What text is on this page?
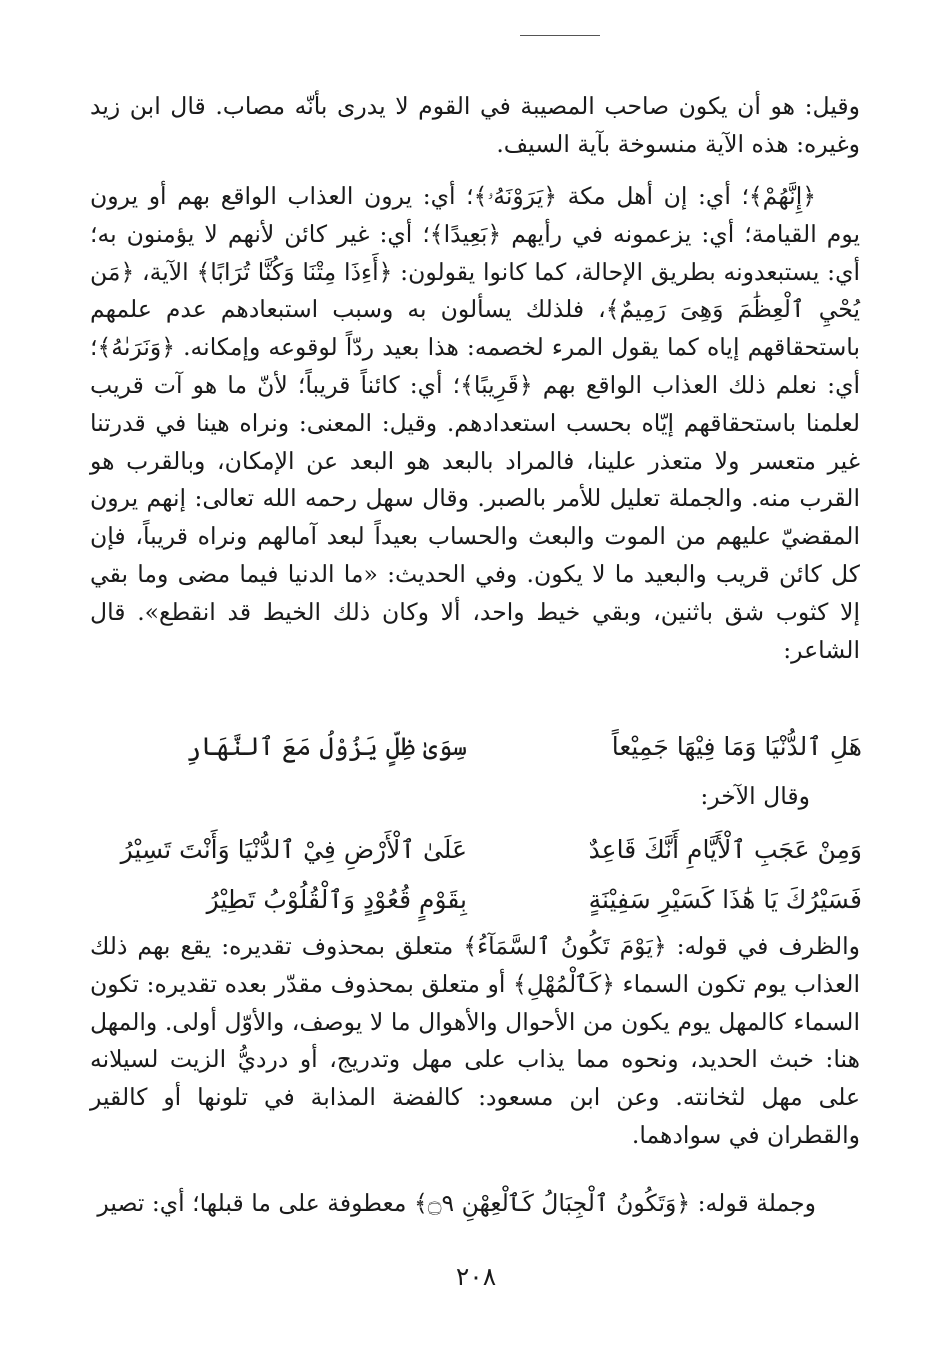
وقيل: هو أن يكون صاحب المصيبة في القوم لا يدرى بأنّه مصاب. قال ابن زيد وغيره: هذه الآية منسوخة بآية السيف.

﴿إِنَّهُمْ﴾؛ أي: إن أهل مكة ﴿يَرَوْنَهُۥ﴾؛ أي: يرون العذاب الواقع بهم أو يرون يوم القيامة؛ أي: يزعمونه في رأيهم ﴿بَعِيدًا﴾؛ أي: غير كائن لأنهم لا يؤمنون به؛ أي: يستبعدونه بطريق الإحالة، كما كانوا يقولون: ﴿أَءِذَا مِتْنَا وَكُنَّا تُرَابًا﴾ الآية، ﴿مَن يُحْيِ ٱلْعِظَٰمَ وَهِىَ رَمِيمٌ﴾، فلذلك يسألون به وسبب استبعادهم عدم علمهم باستحقاقهم إياه كما يقول المرء لخصمه: هذا بعيد ردّاً لوقوعه وإمكانه. ﴿وَنَرَىٰهُ﴾؛ أي: نعلم ذلك العذاب الواقع بهم ﴿قَرِيبًا﴾؛ أي: كائناً قريباً؛ لأنّ ما هو آت قريب لعلمنا باستحقاقهم إيّاه بحسب استعدادهم. وقيل: المعنى: ونراه هينا في قدرتنا غير متعسر ولا متعذر علينا، فالمراد بالبعد هو البعد عن الإمكان، وبالقرب هو القرب منه. والجملة تعليل للأمر بالصبر. وقال سهل رحمه الله تعالى: إنهم يرون المقضيّ عليهم من الموت والبعث والحساب بعيداً لبعد آمالهم ونراه قريباً، فإن كل كائن قريب والبعيد ما لا يكون. وفي الحديث: «ما الدنيا فيما مضى وما بقي إلا كثوب شق باثنين، وبقي خيط واحد، ألا وكان ذلك الخيط قد انقطع». قال الشاعر:

هَلِ ٱلدُّنْيَا وَمَا فِيْهَا جَمِيْعاً
سِوَىٰ ظِلٍّ يَزُوْلُ مَعَ ٱلنَّهَارِ
وقال الآخر:
وَمِنْ عَجَبِ ٱلْأَيَّامِ أَنَّكَ قَاعِدٌ
عَلَىٰ ٱلْأَرْضِ فِيْ ٱلدُّنْيَا وَأَنْتَ تَسِيْرُ
فَسَيْرُكَ يَا هَٰذَا كَسَيْرِ سَفِيْنَةٍ
بِقَوْمٍ قُعُوْدٍ وَٱلْقُلُوْبُ تَطِيْرُ

والظرف في قوله: ﴿يَوْمَ تَكُونُ ٱلسَّمَآءُ﴾ متعلق بمحذوف تقديره: يقع بهم ذلك العذاب يوم تكون السماء ﴿كَٱلْمُهْلِ﴾ أو متعلق بمحذوف مقدّر بعده تقديره: تكون السماء كالمهل يوم يكون من الأحوال والأهوال ما لا يوصف، والأوّل أولى. والمهل هنا: خبث الحديد، ونحوه مما يذاب على مهل وتدريج، أو درديُّ الزيت لسيلانه على مهل لثخانته. وعن ابن مسعود: كالفضة المذابة في تلونها أو كالقير والقطران في سوادهما.

وجملة قوله: ﴿وَتَكُونُ ٱلْجِبَالُ كَٱلْعِهْنِ ۝٩﴾ معطوفة على ما قبلها؛ أي: تصير

٢٠٨
